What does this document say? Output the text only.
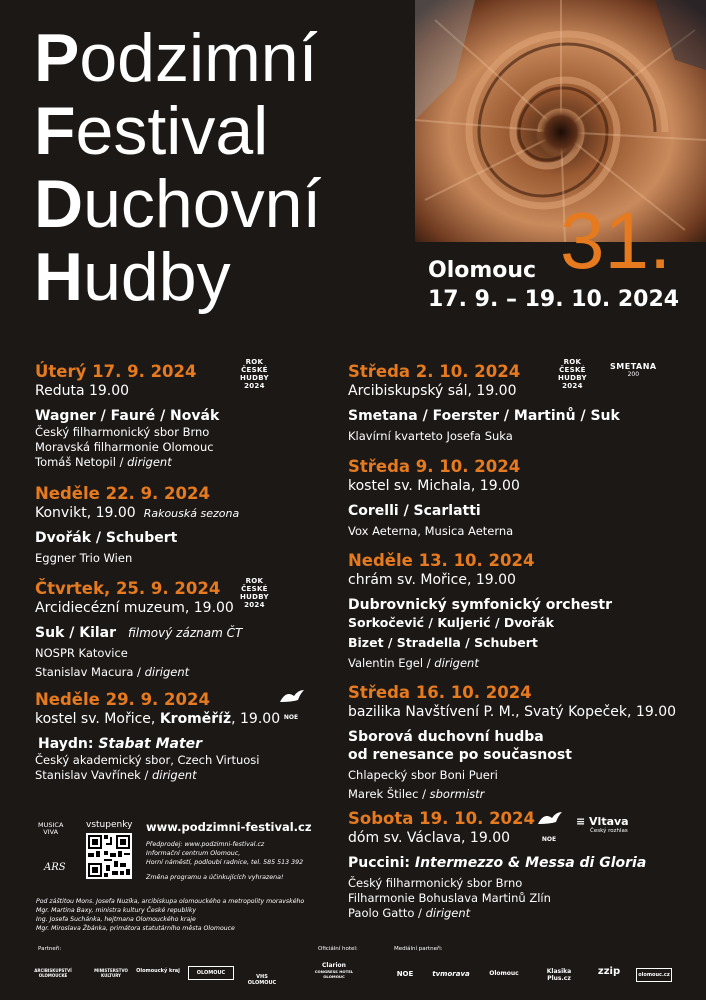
Podzimní
Festival
Duchovní
Hudby	31.
Olomouc
17. 9. – 19. 10. 2024
Úterý 17. 9. 2024
Reduta 19.00
Wagner / Fauré / Novák
Český filharmonický sbor Brno
Moravská filharmonie Olomouc
Tomáš Netopil / dirigent
ROK
ČESKÉ
HUDBY
2024
Neděle 22. 9. 2024
Konvikt, 19.00 Rakouská sezona
Dvořák / Schubert
Eggner Trio Wien
Čtvrtek, 25. 9. 2024
Arcidiecézní muzeum, 19.00
Suk / Kilar filmový záznam ČT
NOSPR Katovice
Stanislav Macura / dirigent
ROK
ČESKÉ
HUDBY
2024
Neděle 29. 9. 2024
kostel sv. Mořice, Kroměříž, 19.00
Haydn: Stabat Mater
Český akademický sbor, Czech Virtuosi
Stanislav Vavřínek / dirigent
NOE
Středa 2. 10. 2024
Arcibiskupský sál, 19.00
Smetana / Foerster / Martinů / Suk
Klavírní kvarteto Josefa Suka
ROK
ČESKÉ
HUDBY
2024
SMETANA
200
Středa 9. 10. 2024
kostel sv. Michala, 19.00
Corelli / Scarlatti
Vox Aeterna, Musica Aeterna
Neděle 13. 10. 2024
chrám sv. Mořice, 19.00
Dubrovnický symfonický orchestr
Sorkočević / Kuljerić / Dvořák
Bizet / Stradella / Schubert
Valentin Egel / dirigent
Středa 16. 10. 2024
bazilika Navštívení P. M., Svatý Kopeček, 19.00
Sborová duchovní hudba
od renesance po současnost
Chlapecký sbor Boni Pueri
Marek Štilec / sbormistr
Sobota 19. 10. 2024
dóm sv. Václava, 19.00
Puccini: Intermezzo & Messa di Gloria
Český filharmonický sbor Brno
Filharmonie Bohuslava Martinů Zlín
Paolo Gatto / dirigent
NOE
≡ Vltava
Český rozhlas
MUSICA
VIVA
ARS
vstupenky www.podzimni-festival.cz
Předprodej: www.podzimni-festival.cz
Informační centrum Olomouc,
Horní náměstí, podloubí radnice, tel. 585 513 392
Změna programu a účinkujících vyhrazena!
Pod záštitou Mons. Josefa Nuzíka, arcibiskupa olomouckého a metropolity moravského
Mgr. Martina Baxy, ministra kultury České republiky
Ing. Josefa Suchánka, hejtmana Olomouckého kraje
Mgr. Miroslava Žbánka, primátora statutárního města Olomouce
Partneři:	Oficiální hotel:	Mediální partneři:
ARCIBISKUPSTVÍ OLOMOUCKÉ
MINISTERSTVO KULTURY
Olomoucký kraj	OLOMOUC
VHS OLOMOUC
Clarion
CONGRESS HOTEL OLOMOUC	NOE	tvmorava	Olomouc	Klasika Plus.cz
zzip	olomouc.cz
